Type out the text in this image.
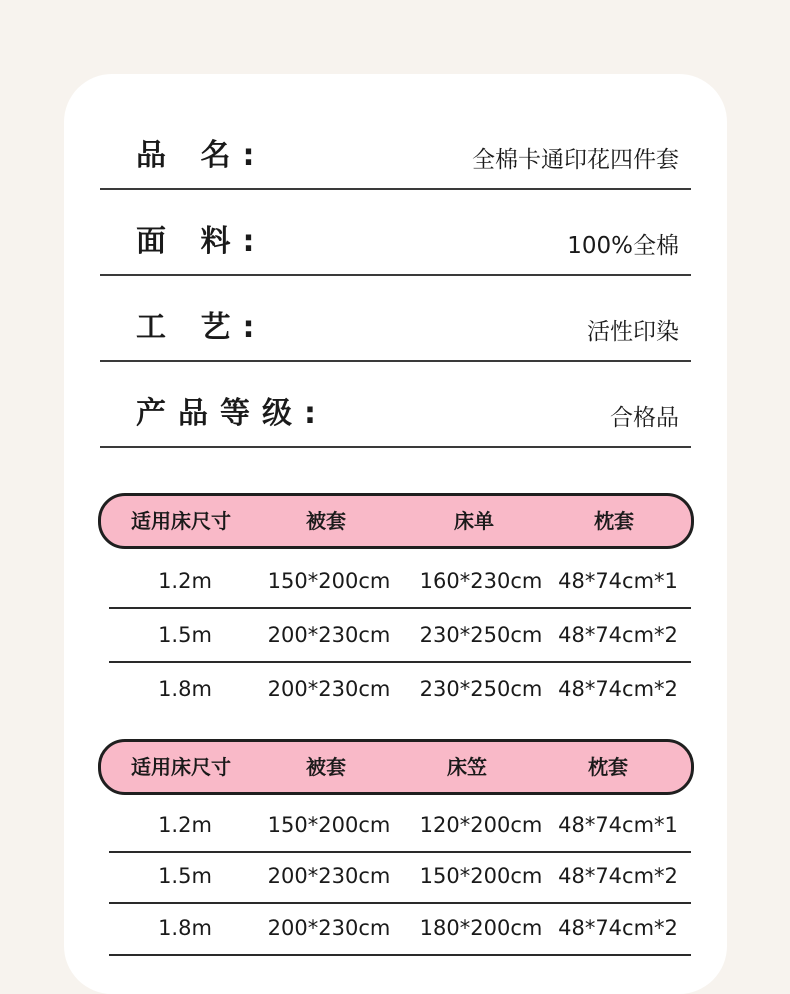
品 名:	全棉卡通印花四件套
面 料:	100%全棉
工 艺:	活性印染
产品等级:	合格品
适用床尺寸	被套	床单	枕套
1.2m	150*200cm 160*230cm 48*74cm*1
1.5m	200*230cm 230*250cm 48*74cm*2
1.8m	200*230cm 230*250cm 48*74cm*2
适用床尺寸	被套	床笠	枕套
1.2m	150*200cm 120*200cm 48*74cm*1
1.5m	200*230cm 150*200cm 48*74cm*2
1.8m	200*230cm 180*200cm 48*74cm*2
